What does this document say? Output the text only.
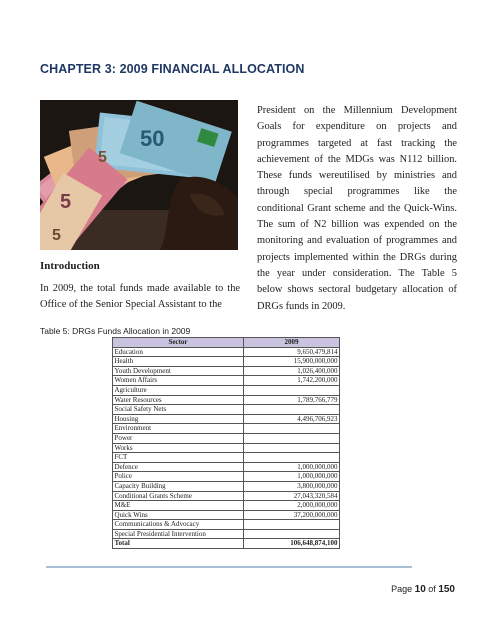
CHAPTER 3: 2009 FINANCIAL ALLOCATION
5
50
5
5

Introduction

In 2009, the total funds made available to the Office of the Senior Special Assistant to the

President on the Millennium Development Goals for expenditure on projects and programmes targeted at fast tracking the achievement of the MDGs was N112 billion. These funds wereutilised by ministries and through special programmes like the conditional Grant scheme and the Quick-Wins. The sum of N2 billion was expended on the monitoring and evaluation of programmes and projects implemented within the DRGs during the year under consideration. The Table 5 below shows sectoral budgetary allocation of DRGs funds in 2009.

Table 5: DRGs Funds Allocation in 2009

Sector	2009
Education	9,650,479,814
Health	15,900,000,000
Youth Development	1,026,400,000
Women Affairs	1,742,200,000
Agriculture	
Water Resources	1,789,766,779
Social Safety Nets	
Housing	4,496,706,923
Environment	
Power	
Works	
FCT	
Defence	1,000,000,000
Police	1,000,000,000
Capacity Building	3,800,000,000
Conditional Grants Scheme	27,043,320,584
M&E	2,000,000,000
Quick Wins	37,200,000,000
Communications & Advocacy	
Special Presidential Intervention	
Total	106,648,874,100
Page 10 of 150
